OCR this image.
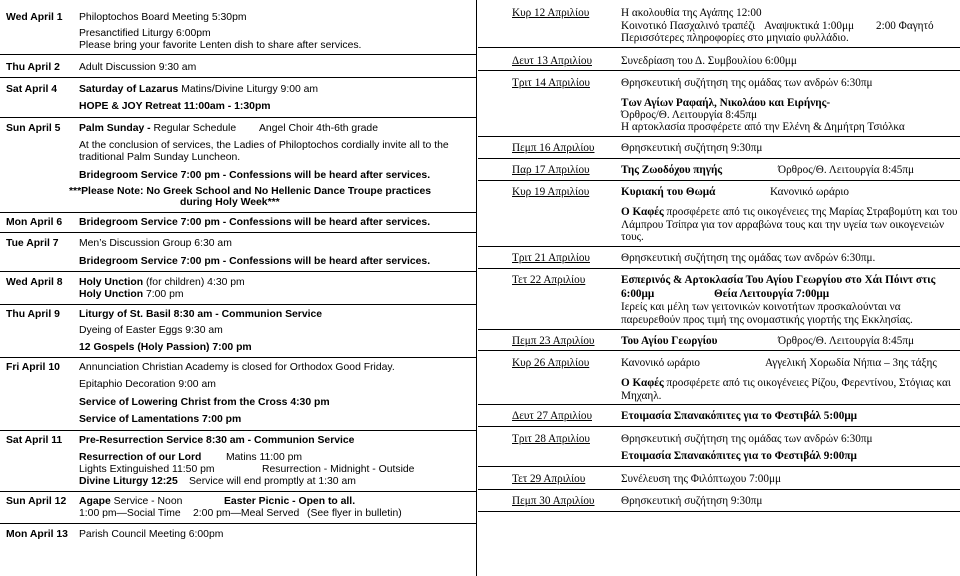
Wed April 1 Philoptochos Board Meeting 5:30pm
Presanctified Liturgy 6:00pm
Please bring your favorite Lenten dish to share after services.
Thu April 2 Adult Discussion 9:30 am
Sat April 4 Saturday of Lazarus Matins/Divine Liturgy 9:00 am
HOPE & JOY Retreat 11:00am - 1:30pm
Sun April 5 Palm Sunday - Regular Schedule Angel Choir 4th-6th grade
At the conclusion of services, the Ladies of Philoptochos cordially invite all to the
traditional Palm Sunday Luncheon.
Bridegroom Service 7:00 pm - Confessions will be heard after services.
***Please Note: No Greek School and No Hellenic Dance Troupe practices
during Holy Week***
Mon April 6 Bridegroom Service 7:00 pm - Confessions will be heard after services.
Tue April 7 Men’s Discussion Group 6:30 am
Bridegroom Service 7:00 pm - Confessions will be heard after services.
Wed April 8 Holy Unction (for children) 4:30 pm
Holy Unction 7:00 pm
Thu April 9 Liturgy of St. Basil 8:30 am - Communion Service
Dyeing of Easter Eggs 9:30 am
12 Gospels (Holy Passion) 7:00 pm
Fri April 10 Annunciation Christian Academy is closed for Orthodox Good Friday.
Epitaphio Decoration 9:00 am
Service of Lowering Christ from the Cross 4:30 pm
Service of Lamentations 7:00 pm
Sat April 11 Pre-Resurrection Service 8:30 am - Communion Service
Resurrection of our Lord Matins 11:00 pm
Lights Extinguished 11:50 pm	Resurrection - Midnight - Outside
Divine Liturgy 12:25 Service will end promptly at 1:30 am
Sun April 12 Agape Service - Noon	Easter Picnic - Open to all.
1:00 pm—Social Time 2:00 pm—Meal Served (See flyer in bulletin)
Mon April 13 Parish Council Meeting 6:00pm
Κυρ 12 Απριλίου	Η ακολουθία της Αγάπης 12:00
Κοινοτικό Πασχαλινό τραπέζι Αναψυκτικά 1:00μμ 2:00 Φαγητό
Περισσότερες πληροφορίες στο μηνιαίο φυλλάδιο.
Δευτ 13 Απριλίου	Συνεδρίαση του Δ. Συμβουλίου 6:00μμ
Τριτ 14 Απριλίου	Θρησκευτική συζήτηση της ομάδας των ανδρών 6:30πμ
Των Αγίων Ραφαήλ, Νικολάου και Ειρήνης-
Όρθρος/Θ. Λειτουργία 8:45πμ
Η αρτοκλασία προσφέρετε από την Ελένη & Δημήτρη Τσιόλκα
Πεμπ 16 Απριλίου Θρησκευτική συζήτηση 9:30πμ
Παρ 17 Απριλίου	Της Ζωοδόχου πηγής	Όρθρος/Θ. Λειτουργία 8:45πμ
Κυρ 19 Απριλίου	Κυριακή του Θωμά	Κανονικό ωράριο
Ο Καφές προσφέρετε από τις οικογένειες της Μαρίας Στραβομύτη και του
Λάμπρου Τσίπρα για τον αρραβώνα τους και την υγεία των οικογενειών
τους.
Τριτ 21 Απριλίου	Θρησκευτική συζήτηση της ομάδας των ανδρών 6:30πμ.
Τετ 22 Απριλίου	Εσπερινός & Αρτοκλασία Του Αγίου Γεωργίου στο Χάι Πόιντ στις
6:00μμ	Θεία Λειτουργία 7:00μμ
Ιερείς και μέλη των γειτονικών κοινοτήτων προσκαλούνται να
παρευρεθούν προς τιμή της ονομαστικής γιορτής της Εκκλησίας.
Πεμπ 23 Απριλίου Του Αγίου Γεωργίου	Όρθρος/Θ. Λειτουργία 8:45πμ
Κυρ 26 Απριλίου	Κανονικό ωράριο	Αγγελική Χορωδία Νήπια – 3ης τάξης
Ο Καφές προσφέρετε από τις οικογένειες Ρίζου, Φερεντίνου, Στόγιας και
Μηχαηλ.
Δευτ 27 Απριλίου	Ετοιμασία Σπανακόπιτες για το Φεστιβάλ 5:00μμ
Τριτ 28 Απριλίου	Θρησκευτική συζήτηση της ομάδας των ανδρών 6:30πμ
Ετοιμασία Σπανακόπιτες για το Φεστιβάλ 9:00πμ
Τετ 29 Απριλίου	Συνέλευση της Φιλόπτωχου 7:00μμ
Πεμπ 30 Απριλίου Θρησκευτική συζήτηση 9:30πμ
